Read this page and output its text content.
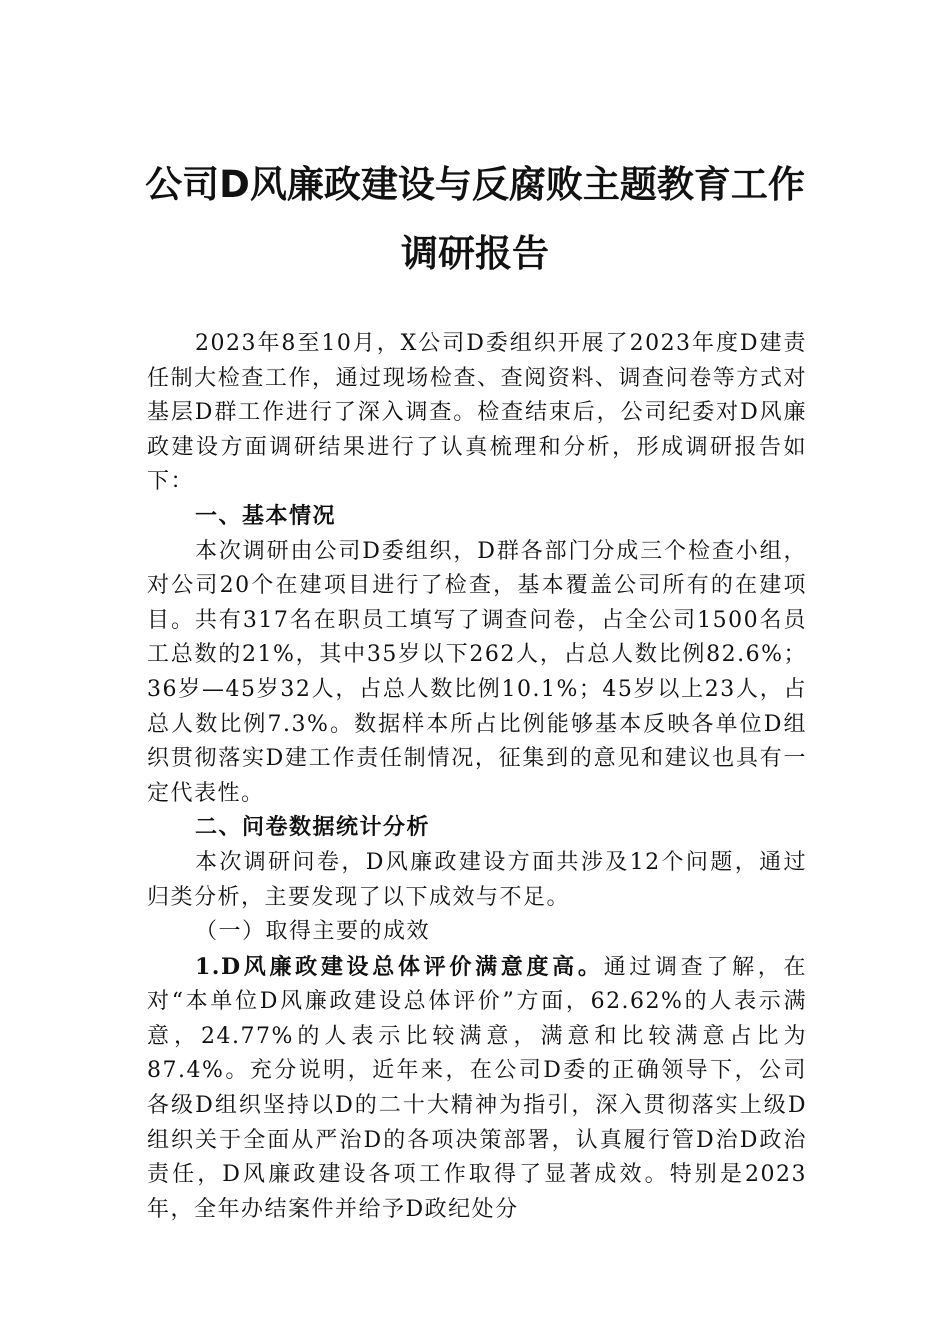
公司D风廉政建设与反腐败主题教育工作
调研报告

2023年8至10月，X公司D委组织开展了2023年度D建责任制大检查工作，通过现场检查、查阅资料、调查问卷等方式对基层D群工作进行了深入调查。检查结束后，公司纪委对D风廉政建设方面调研结果进行了认真梳理和分析，形成调研报告如下：

一、基本情况

本次调研由公司D委组织，D群各部门分成三个检查小组，对公司20个在建项目进行了检查，基本覆盖公司所有的在建项目。共有317名在职员工填写了调查问卷，占全公司1500名员工总数的21%，其中35岁以下262人，占总人数比例82.6%；36岁—45岁32人，占总人数比例10.1%；45岁以上23人，占总人数比例7.3%。数据样本所占比例能够基本反映各单位D组织贯彻落实D建工作责任制情况，征集到的意见和建议也具有一定代表性。

二、问卷数据统计分析

本次调研问卷，D风廉政建设方面共涉及12个问题，通过归类分析，主要发现了以下成效与不足。

（一）取得主要的成效

1.D风廉政建设总体评价满意度高。通过调查了解，在对“本单位D风廉政建设总体评价”方面，62.62%的人表示满意，24.77%的人表示比较满意，满意和比较满意占比为87.4%。充分说明，近年来，在公司D委的正确领导下，公司各级D组织坚持以D的二十大精神为指引，深入贯彻落实上级D组织关于全面从严治D的各项决策部署，认真履行管D治D政治责任，D风廉政建设各项工作取得了显著成效。特别是2023年，全年办结案件并给予D政纪处分
